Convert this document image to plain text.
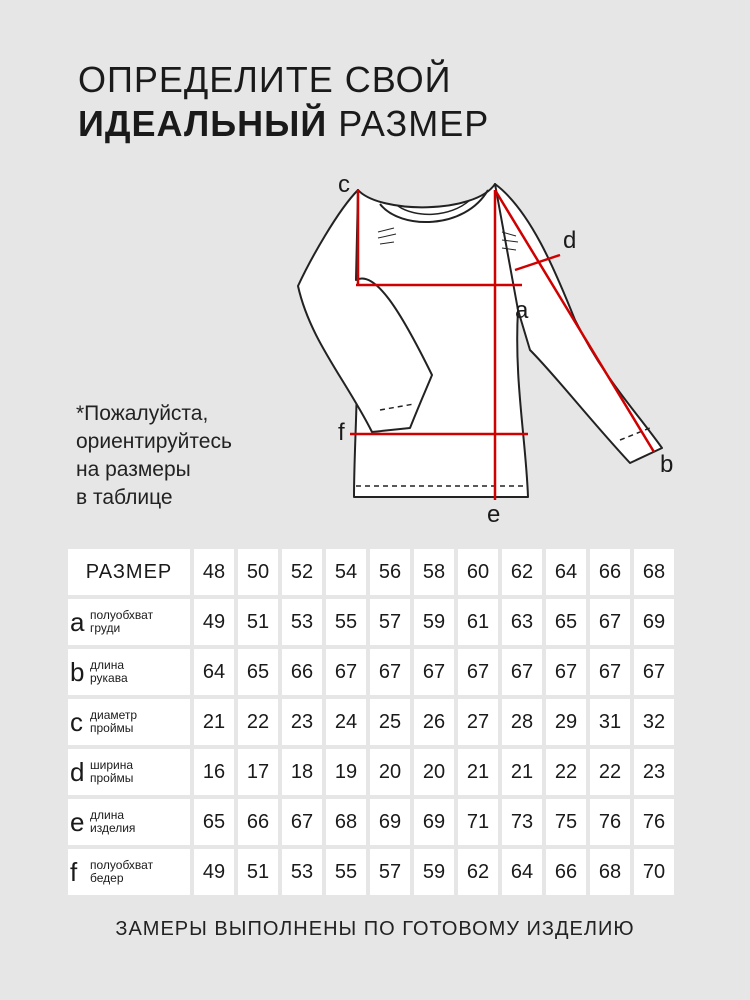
ОПРЕДЕЛИТЕ СВОЙ
ИДЕАЛЬНЫЙ РАЗМЕР
*Пожалуйста,
ориентируйтесь
на размеры
в таблице
c
d
a
f
b
e
РАЗМЕР	48	50	52	54	56	58	60	62	64	66	68
a полуобхват
груди	49	51	53	55	57	59	61	63	65	67	69
b длина
рукава	64	65	66	67	67	67	67	67	67	67	67
c диаметр
проймы	21	22	23	24	25	26	27	28	29	31	32
d ширина
проймы	16	17	18	19	20	20	21	21	22	22	23
e длина
изделия	65	66	67	68	69	69	71	73	75	76	76
f полуобхват
бедер	49	51	53	55	57	59	62	64	66	68	70
ЗАМЕРЫ ВЫПОЛНЕНЫ ПО ГОТОВОМУ ИЗДЕЛИЮ
